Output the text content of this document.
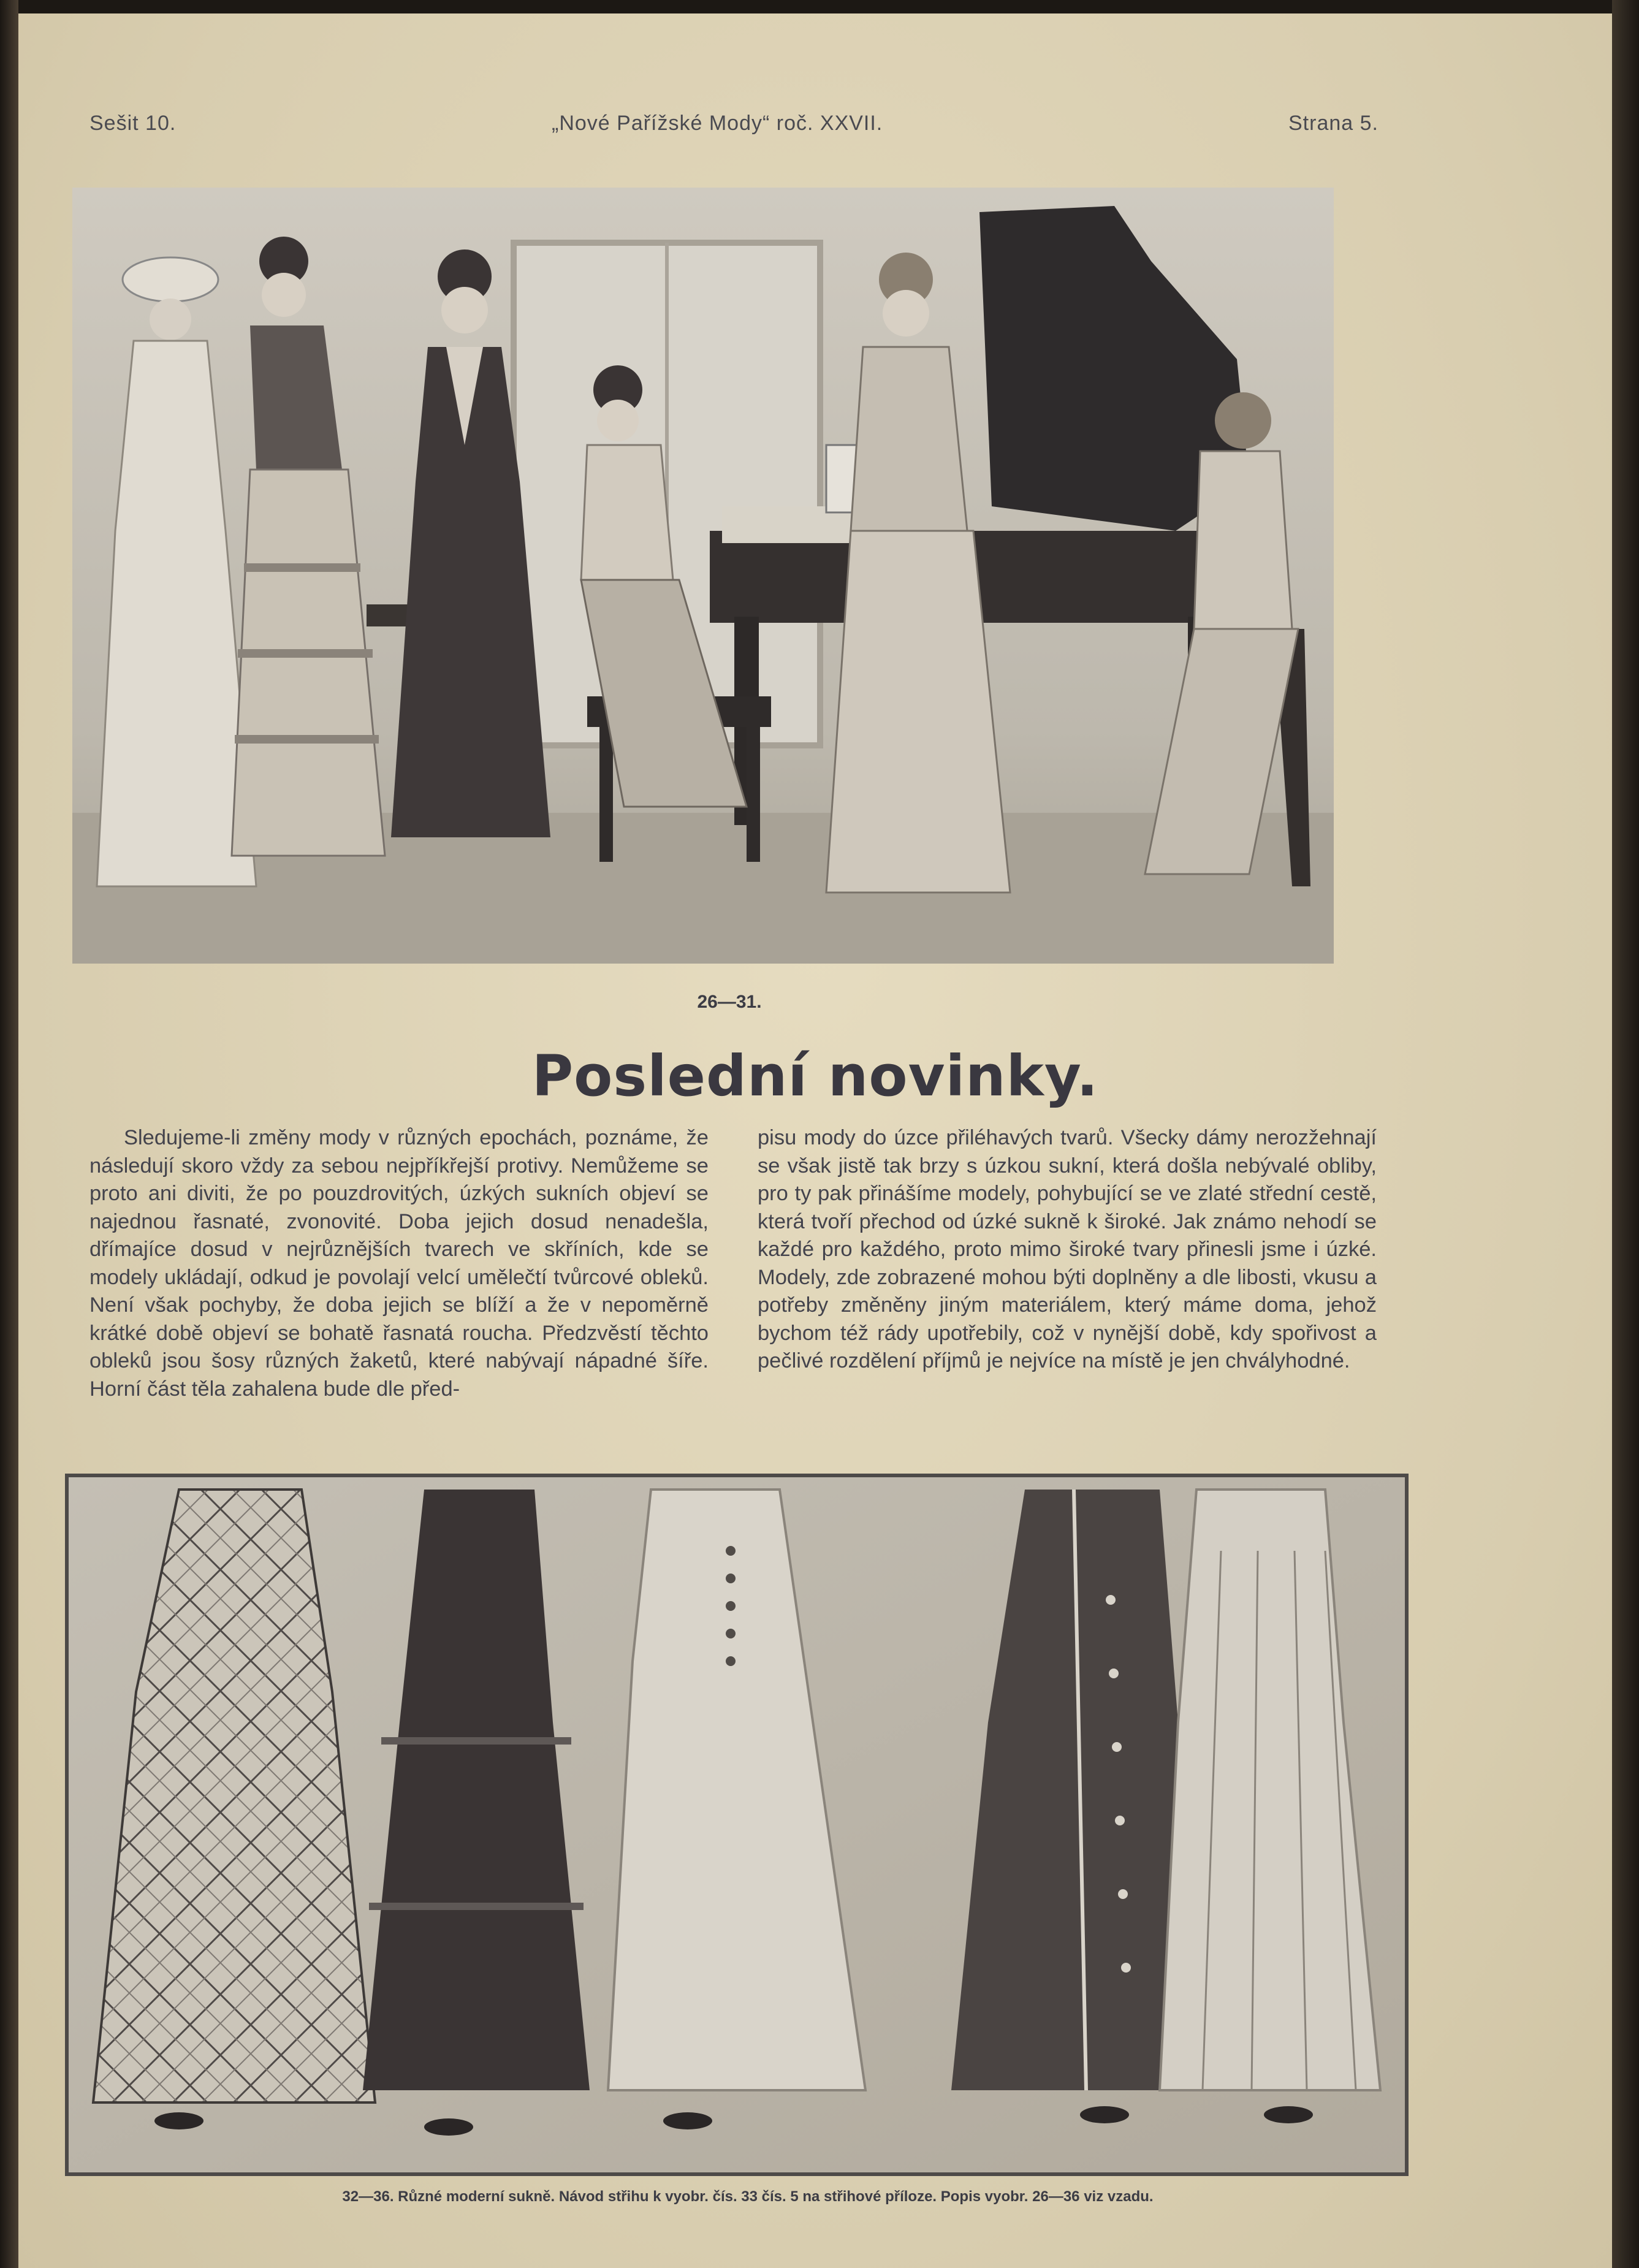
Sešit 10.	„Nové Pařížské Mody“ roč. XXVII.	Strana 5.
26—31.
Poslední novinky.

Sledujeme-li změny mody v různých epochách, poznáme, že následují skoro vždy za sebou nejpříkřejší protivy. Nemůžeme se proto ani diviti, že po pouzdrovitých, úzkých sukních objeví se najednou řasnaté, zvonovité. Doba jejich dosud nenadešla, dřímajíce dosud v nejrůznějších tvarech ve skříních, kde se modely ukládají, odkud je povolají velcí umělečtí tvůrcové obleků. Není však pochyby, že doba jejich se blíží a že v nepoměrně krátké době objeví se bohatě řasnatá roucha. Předzvěstí těchto obleků jsou šosy různých žaketů, které nabývají nápadné šíře. Horní část těla zahalena bude dle před-

pisu mody do úzce přiléhavých tvarů. Všecky dámy nerozžehnají se však jistě tak brzy s úzkou sukní, která došla nebývalé obliby, pro ty pak přinášíme modely, pohybující se ve zlaté střední cestě, která tvoří přechod od úzké sukně k široké. Jak známo nehodí se každé pro každého, proto mimo široké tvary přinesli jsme i úzké. Modely, zde zobrazené mohou býti doplněny a dle libosti, vkusu a potřeby změněny jiným materiálem, který máme doma, jehož bychom též rády upotřebily, což v nynější době, kdy spořivost a pečlivé rozdělení příjmů je nejvíce na místě je jen chvályhodné.

32—36. Různé moderní sukně. Návod střihu k vyobr. čís. 33 čís. 5 na střihové příloze. Popis vyobr. 26—36 viz vzadu.
